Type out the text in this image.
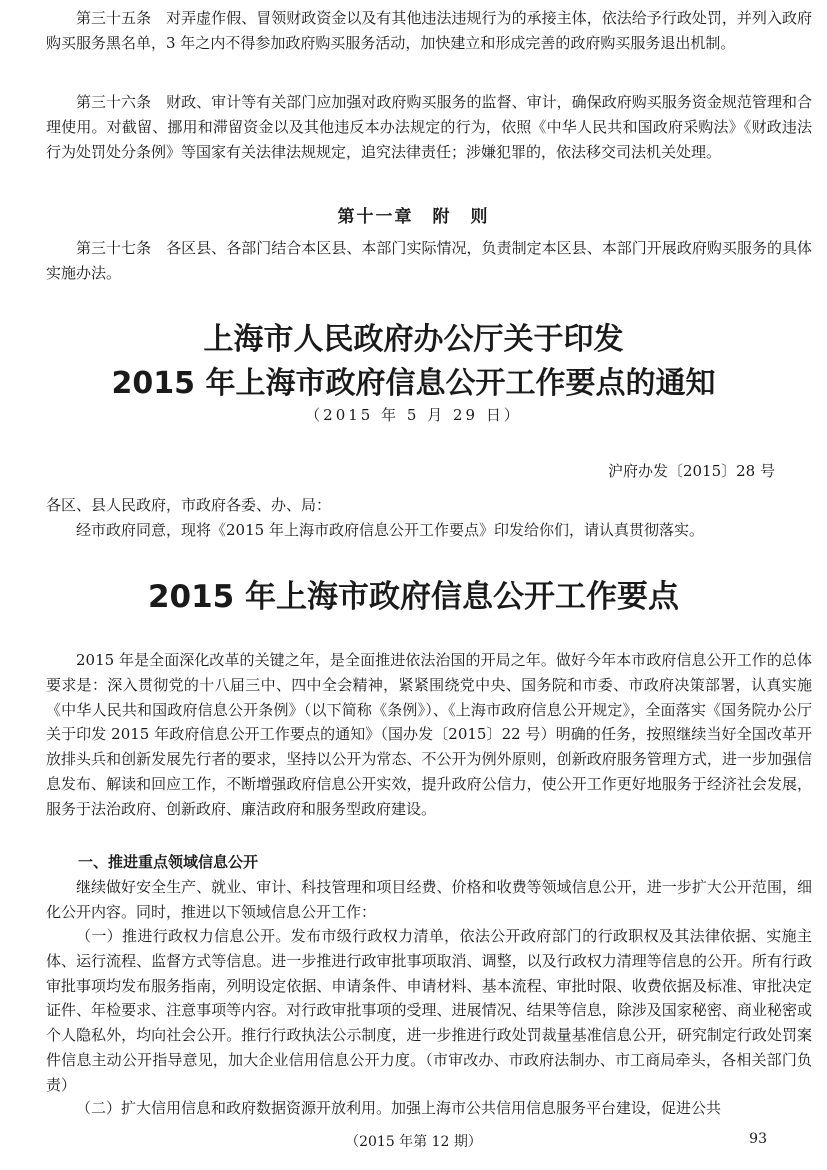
第三十五条　对弄虚作假、冒领财政资金以及有其他违法违规行为的承接主体，依法给予行政处罚，并列入政府购买服务黑名单，3 年之内不得参加政府购买服务活动，加快建立和形成完善的政府购买服务退出机制。

第三十六条　财政、审计等有关部门应加强对政府购买服务的监督、审计，确保政府购买服务资金规范管理和合理使用。对截留、挪用和滞留资金以及其他违反本办法规定的行为，依照《中华人民共和国政府采购法》《财政违法行为处罚处分条例》等国家有关法律法规规定，追究法律责任；涉嫌犯罪的，依法移交司法机关处理。

第十一章　附　则

第三十七条　各区县、各部门结合本区县、本部门实际情况，负责制定本区县、本部门开展政府购买服务的具体实施办法。

上海市人民政府办公厅关于印发
2015 年上海市政府信息公开工作要点的通知
（2015 年 5 月 29 日）
沪府办发〔2015〕28 号

各区、县人民政府，市政府各委、办、局：

经市政府同意，现将《2015 年上海市政府信息公开工作要点》印发给你们，请认真贯彻落实。

2015 年上海市政府信息公开工作要点

2015 年是全面深化改革的关键之年，是全面推进依法治国的开局之年。做好今年本市政府信息公开工作的总体要求是：深入贯彻党的十八届三中、四中全会精神，紧紧围绕党中央、国务院和市委、市政府决策部署，认真实施《中华人民共和国政府信息公开条例》（以下简称《条例》）、《上海市政府信息公开规定》，全面落实《国务院办公厅关于印发 2015 年政府信息公开工作要点的通知》（国办发〔2015〕22 号）明确的任务，按照继续当好全国改革开放排头兵和创新发展先行者的要求，坚持以公开为常态、不公开为例外原则，创新政府服务管理方式，进一步加强信息发布、解读和回应工作，不断增强政府信息公开实效，提升政府公信力，使公开工作更好地服务于经济社会发展，服务于法治政府、创新政府、廉洁政府和服务型政府建设。

一、推进重点领域信息公开

继续做好安全生产、就业、审计、科技管理和项目经费、价格和收费等领域信息公开，进一步扩大公开范围，细化公开内容。同时，推进以下领域信息公开工作：

（一）推进行政权力信息公开。发布市级行政权力清单，依法公开政府部门的行政职权及其法律依据、实施主体、运行流程、监督方式等信息。进一步推进行政审批事项取消、调整，以及行政权力清理等信息的公开。所有行政审批事项均发布服务指南，列明设定依据、申请条件、申请材料、基本流程、审批时限、收费依据及标准、审批决定证件、年检要求、注意事项等内容。对行政审批事项的受理、进展情况、结果等信息，除涉及国家秘密、商业秘密或个人隐私外，均向社会公开。推行行政执法公示制度，进一步推进行政处罚裁量基准信息公开，研究制定行政处罚案件信息主动公开指导意见，加大企业信用信息公开力度。（市审改办、市政府法制办、市工商局牵头，各相关部门负责）

（二）扩大信用信息和政府数据资源开放利用。加强上海市公共信用信息服务平台建设，促进公共

（2015 年第 12 期）	93
